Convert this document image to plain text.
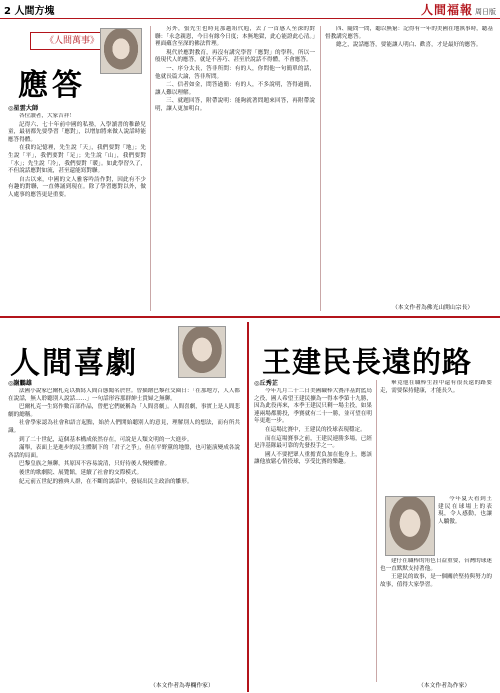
2 人間方塊	人間福報 周日版
《人間萬事》
應答
◎星雲大師

各位讀者，大家吉祥！

記得六、七十年前中國的私塾，入學讀書的稚齡兒童，最初都先要學習「應對」，以增加將來做人說話時能應答得體。

在我的記憶裡，先生說「天」，我們要對「地」；先生說「平」，我們要對「足」；先生說「山」，我們要對「水」；先生說「冷」，我們要對「暖」。如此學習久了，不但說話應對如流，甚至還能寫對聯。

自古以來，中國的文人雅客吟詩作對，因此有不少有趣的對聯，一直傳誦到現在。除了學習應對以外，做人處事的應答更是重要。

另外，張先生也時見那越俎代庖，去了一首感人至深的對聯：「永念親恩，今日有緣今日度；本無地獄，此心能證此心清。」裡面蘊含至深的佛法哲理。

現代於應對教育，再沒有講究學習「應對」的學科，所以一般現代人的應答，就是不善巧、甚至於說話不得體，不會應答。

一、序分太長，答非所問：有的人，你問他一句簡單的話，他就長篇大論，答非所問。

二、信者如金，問答過簡：有的人，不多說明，答得過簡，讓人難以理解。

三、就題回答，附帶說明：能夠就著問題來回答，再附帶說明，讓人更加明白。

四、隨問一問，聽以無窮：記得有一年的美國在地執事時，聽基督教講究應答。

總之，說話應答，要能讓人明白、歡喜，才是最好的應答。

（本文作者為佛光山開山宗長）
人間喜劇
◎謝鵬雄

法國小說家巴爾札克以撰寫人間百態聞名於世。曾描繪巴黎社交圈日：「在那地方，人人都在說話，無人聆聽別人說話……」一句話形容那群紳士貴婦之無聊。

巴爾札克一生寫作數百部作品，曾把它們統稱為「人間喜劇」。人間喜劇，事實上是人間悲劇的總稱。

社會學家認為社會和語言起點，始於人們開始聽別人的意見，理解別人的想法，而有所共識。

到了二十世紀，這個基本構成依然存在，可說是人類文明的一大進步。

滿舉，表面上是進步的民主體制下的「君子之爭」，但在平野黨的地盤，也可能演變成各說各話的局面。

巴黎皇族之無聊，其原因不容易說清，只好待後人慢慢體會。

後世的歌劇院、展覽館，延續了社會的交際模式。

紀元前五世紀的雅典人群，在不斷的談話中，發展出民主政治的雛形。

（本文作者為專欄作家）
王建民長遠的路
◎丘秀芷

今年九月二十二日美國職棒大賽洋基對藍鳥之役，國人希望王建民擴為一得本季第十九勝，因為此役再來，本季王建民只剩一場主投，如果連兩場都勝投，季賽就有二十一勝，並可望在明年更進一步。

在這場比賽中，王建民的投球表現穩定。

而在這場賽事之前，王建民連勝多場，已經是洋基隊最可靠的先發投手之一。

國人不要把眾人重擔責負加在他身上，應該讓他放鬆心情投球，享受比賽的樂趣。

畢竟他在職棒生涯中還有很長遠的路要走，需要保持健康，才能長久。

今年夏天看到王建民在球場上的表現，令人感動，也讓人驕傲。

建仔在職棒的角色日益重要，台灣的球迷也一直默默支持著他。

王建民的故事，是一個關於堅持與努力的故事，值得大家學習。

（本文作者為作家）
